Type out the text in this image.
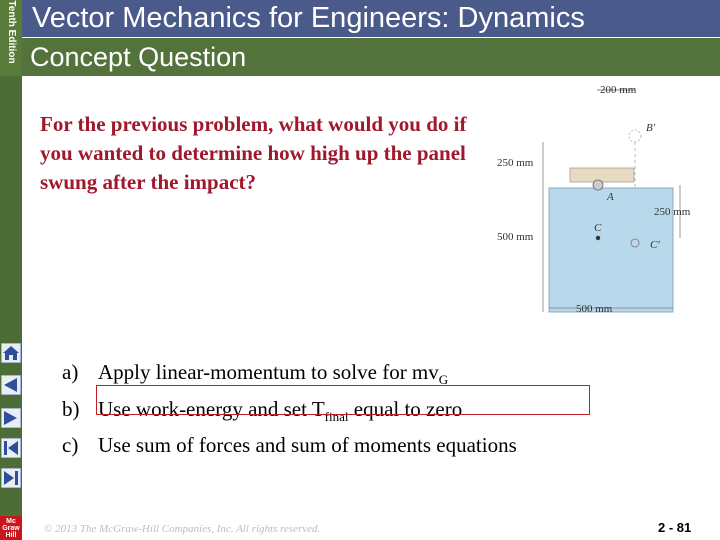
Tenth Edition Vector Mechanics for Engineers: Dynamics
Concept Question
Mc
Graw
Hill
For the previous problem, what would you do if you wanted to determine how high up the panel swung after the impact?
200 mm
250 mm
500 mm
250 mm
500 mm
B′
A
C
C′
a) Apply linear-momentum to solve for $mv_G$
b) Use work-energy and set $T_{final}$ equal to zero
c) Use sum of forces and sum of moments equations
© 2013 The McGraw-Hill Companies, Inc. All rights reserved.	2 - 81
